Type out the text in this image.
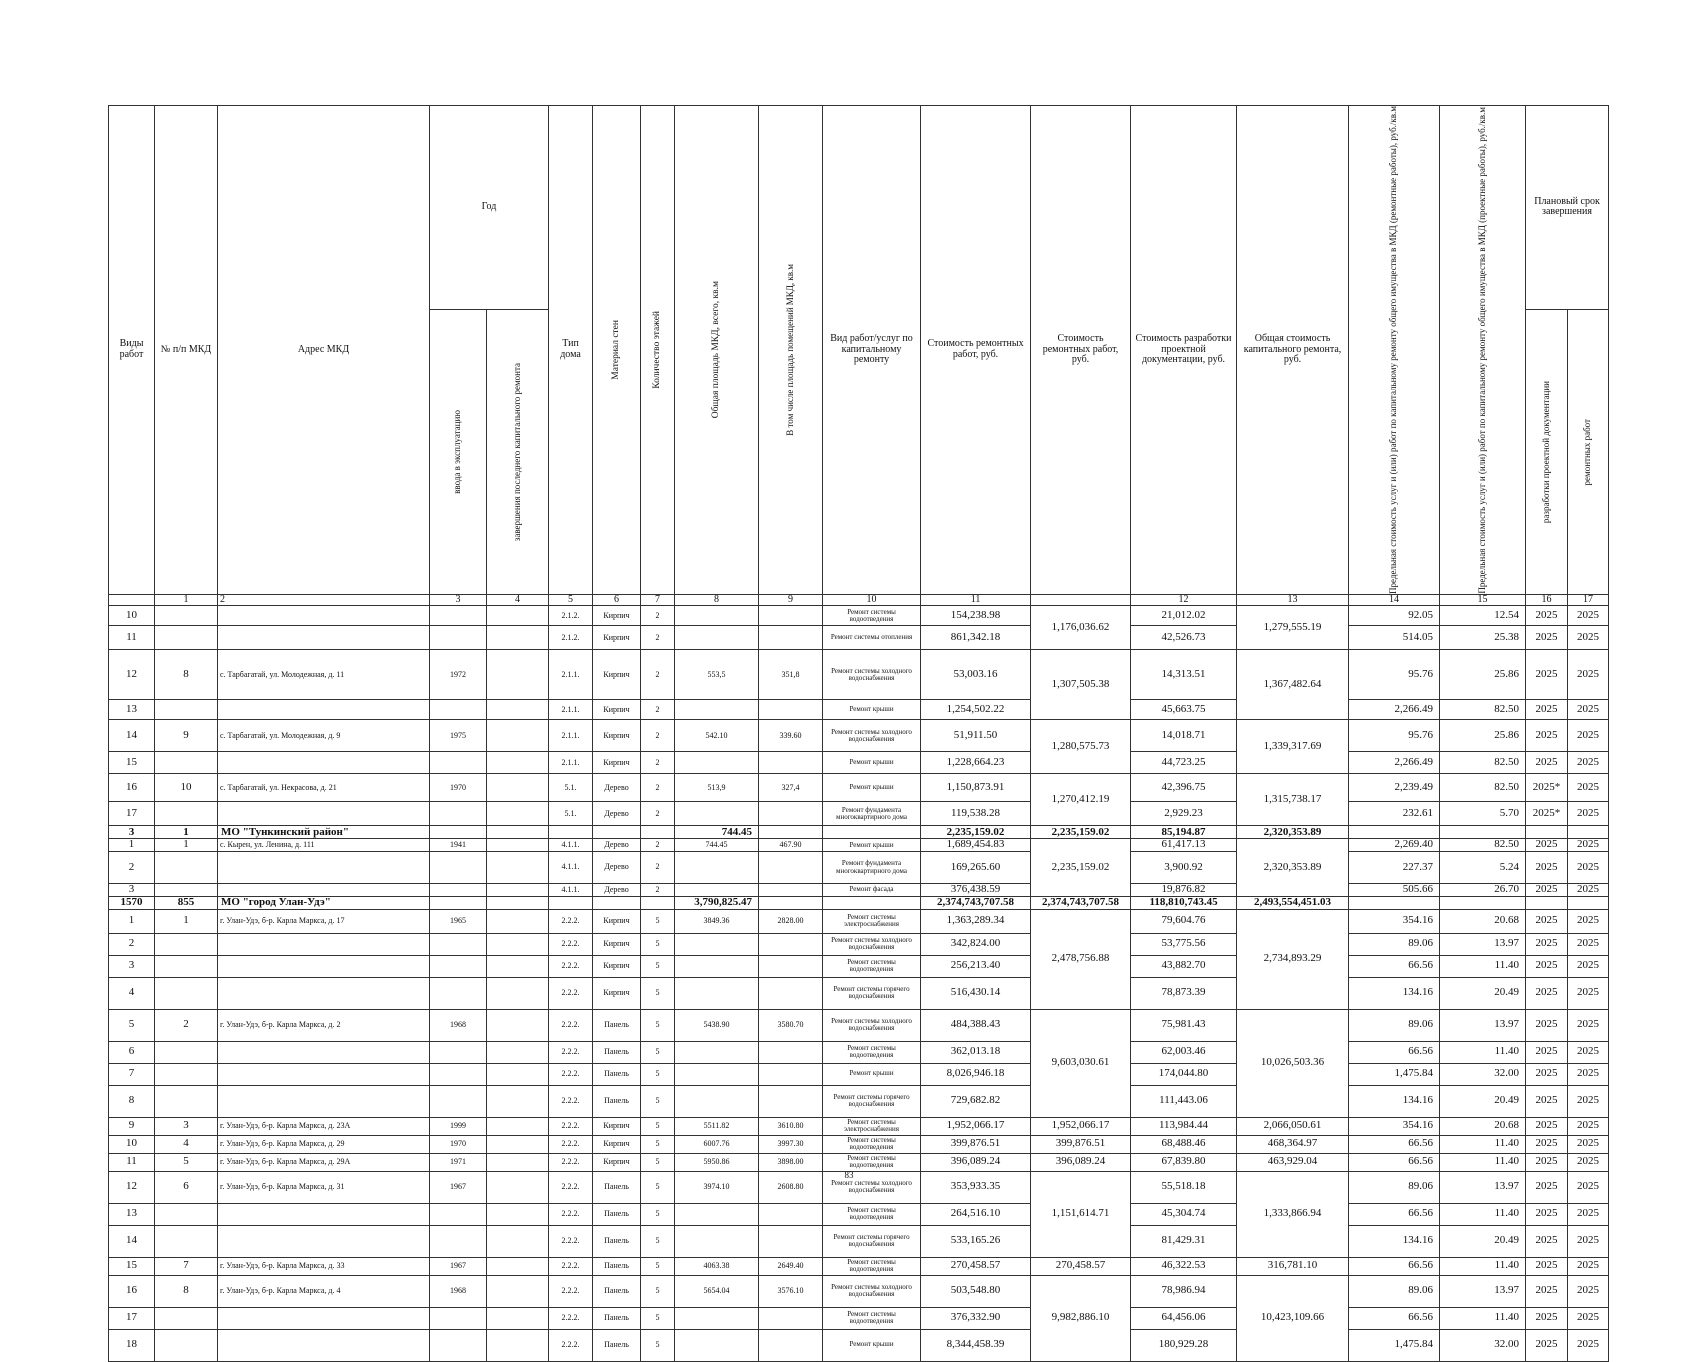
Виды работ	№ п/п МКД	Адрес МКД	Год		Тип дома	Материал стен	Количество этажей	Общая площадь МКД, всего, кв.м	В том числе площадь помещений МКД, кв.м	Вид работ/услуг по капитальному ремонту	Стоимость ремонтных работ, руб.	Стоимость ремонтных работ, руб.	Стоимость разработки проектной документации, руб.	Общая стоимость капитального ремонта, руб.	Предельная стоимость услуг и (или) работ по капитальному ремонту общего имущества в МКД (ремонтные работы), руб./кв.м	Предельная стоимость услуг и (или) работ по капитальному ремонту общего имущества в МКД (проектные работы), руб./кв.м	Плановый срок завершения	

			ввода в эксплуатацию	завершения последнего капитального ремонта													разработки проектной документации	ремонтных работ

	1	2	3	4	5	6	7	8	9	10	11		12	13	14	15	16	17
10					2.1.2.	Кирпич	2			Ремонт системы водоотведения	154,238.98	1,176,036.62	21,012.02	1,279,555.19	92.05	12.54	2025	2025
11					2.1.2.	Кирпич	2			Ремонт системы отопления	861,342.18		42,526.73		514.05	25.38	2025	2025
12	8	с. Тарбагатай, ул. Молодежная, д. 11	1972		2.1.1.	Кирпич	2	553,5	351,8	Ремонт системы холодного водоснабжения	53,003.16	1,307,505.38	14,313.51	1,367,482.64	95.76	25.86	2025	2025
13					2.1.1.	Кирпич	2			Ремонт крыши	1,254,502.22		45,663.75		2,266.49	82.50	2025	2025
14	9	с. Тарбагатай, ул. Молодежная, д. 9	1975		2.1.1.	Кирпич	2	542.10	339.60	Ремонт системы холодного водоснабжения	51,911.50	1,280,575.73	14,018.71	1,339,317.69	95.76	25.86	2025	2025
15					2.1.1.	Кирпич	2			Ремонт крыши	1,228,664.23		44,723.25		2,266.49	82.50	2025	2025
16	10	с. Тарбагатай, ул. Некрасова, д. 21	1970		5.1.	Дерево	2	513,9	327,4	Ремонт крыши	1,150,873.91	1,270,412.19	42,396.75	1,315,738.17	2,239.49	82.50	2025*	2025
17					5.1.	Дерево	2			Ремонт фундамента многоквартирного дома	119,538.28		2,929.23		232.61	5.70	2025*	2025
3	1	МО "Тункинский район"						744.45			2,235,159.02	2,235,159.02	85,194.87	2,320,353.89				
1	1	с. Кырен, ул. Ленина, д. 111	1941		4.1.1.	Дерево	2	744.45	467.90	Ремонт крыши	1,689,454.83	2,235,159.02	61,417.13	2,320,353.89	2,269.40	82.50	2025	2025
2					4.1.1.	Дерево	2			Ремонт фундамента многоквартирного дома	169,265.60		3,900.92		227.37	5.24	2025	2025
3					4.1.1.	Дерево	2			Ремонт фасада	376,438.59		19,876.82		505.66	26.70	2025	2025
1570	855	МО "город Улан-Удэ"						3,790,825.47			2,374,743,707.58	2,374,743,707.58	118,810,743.45	2,493,554,451.03				
1	1	г. Улан-Удэ, б-р. Карла Маркса, д. 17	1965		2.2.2.	Кирпич	5	3849.36	2828.00	Ремонт системы электроснабжения	1,363,289.34	2,478,756.88	79,604.76	2,734,893.29	354.16	20.68	2025	2025
2					2.2.2.	Кирпич	5			Ремонт системы холодного водоснабжения	342,824.00		53,775.56		89.06	13.97	2025	2025
3					2.2.2.	Кирпич	5			Ремонт системы водоотведения	256,213.40		43,882.70		66.56	11.40	2025	2025
4					2.2.2.	Кирпич	5			Ремонт системы горячего водоснабжения	516,430.14		78,873.39		134.16	20.49	2025	2025
5	2	г. Улан-Удэ, б-р. Карла Маркса, д. 2	1968		2.2.2.	Панель	5	5438.90	3580.70	Ремонт системы холодного водоснабжения	484,388.43	9,603,030.61	75,981.43	10,026,503.36	89.06	13.97	2025	2025
6					2.2.2.	Панель	5			Ремонт системы водоотведения	362,013.18		62,003.46		66.56	11.40	2025	2025
7					2.2.2.	Панель	5			Ремонт крыши	8,026,946.18		174,044.80		1,475.84	32.00	2025	2025
8					2.2.2.	Панель	5			Ремонт системы горячего водоснабжения	729,682.82		111,443.06		134.16	20.49	2025	2025
9	3	г. Улан-Удэ, б-р. Карла Маркса, д. 23А	1999		2.2.2.	Кирпич	5	5511.82	3610.80	Ремонт системы электроснабжения	1,952,066.17	1,952,066.17	113,984.44	2,066,050.61	354.16	20.68	2025	2025
10	4	г. Улан-Удэ, б-р. Карла Маркса, д. 29	1970		2.2.2.	Кирпич	5	6007.76	3997.30	Ремонт системы водоотведения	399,876.51	399,876.51	68,488.46	468,364.97	66.56	11.40	2025	2025
11	5	г. Улан-Удэ, б-р. Карла Маркса, д. 29А	1971		2.2.2.	Кирпич	5	5950.86	3898.00	Ремонт системы водоотведения	396,089.24	396,089.24	67,839.80	463,929.04	66.56	11.40	2025	2025
12	6	г. Улан-Удэ, б-р. Карла Маркса, д. 31	1967		2.2.2.	Панель	5	3974.10	2608.80	Ремонт системы холодного водоснабжения	353,933.35	1,151,614.71	55,518.18	1,333,866.94	89.06	13.97	2025	2025
13					2.2.2.	Панель	5			Ремонт системы водоотведения	264,516.10		45,304.74		66.56	11.40	2025	2025
14					2.2.2.	Панель	5			Ремонт системы горячего водоснабжения	533,165.26		81,429.31		134.16	20.49	2025	2025
15	7	г. Улан-Удэ, б-р. Карла Маркса, д. 33	1967		2.2.2.	Панель	5	4063.38	2649.40	Ремонт системы водоотведения	270,458.57	270,458.57	46,322.53	316,781.10	66.56	11.40	2025	2025
16	8	г. Улан-Удэ, б-р. Карла Маркса, д. 4	1968		2.2.2.	Панель	5	5654.04	3576.10	Ремонт системы холодного водоснабжения	503,548.80	9,982,886.10	78,986.94	10,423,109.66	89.06	13.97	2025	2025
17					2.2.2.	Панель	5			Ремонт системы водоотведения	376,332.90		64,456.06		66.56	11.40	2025	2025
18					2.2.2.	Панель	5			Ремонт крыши	8,344,458.39		180,929.28		1,475.84	32.00	2025	2025
83
